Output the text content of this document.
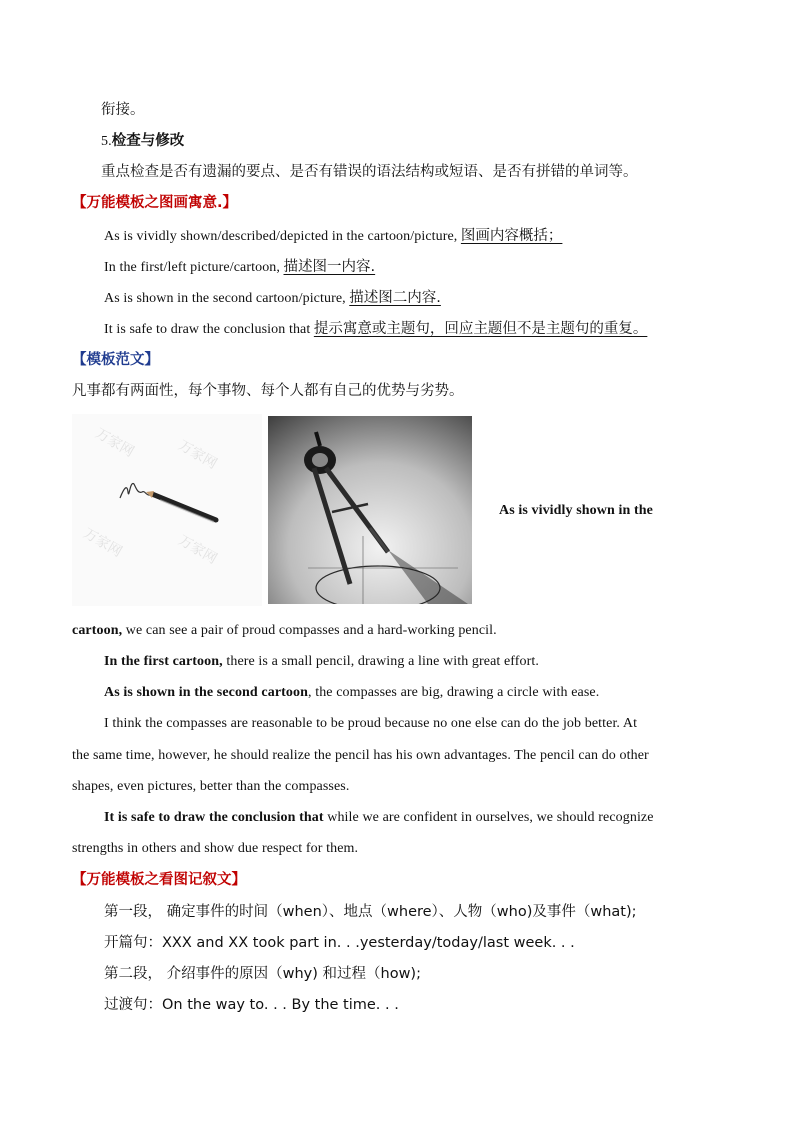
衔接。
5.检查与修改
重点检查是否有遗漏的要点、是否有错误的语法结构或短语、是否有拼错的单词等。
【万能模板之图画寓意.】
As is vividly shown/described/depicted in the cartoon/picture, 图画内容概括；
In the first/left picture/cartoon, 描述图一内容.
As is shown in the second cartoon/picture, 描述图二内容.
It is safe to draw the conclusion that 提示寓意或主题句，回应主题但不是主题句的重复。
【模板范文】
凡事都有两面性，每个事物、每个人都有自己的优势与劣势。
万家网	万家网
万家网	万家网
As is vividly shown in the
cartoon, we can see a pair of proud compasses and a hard-working pencil.
In the first cartoon, there is a small pencil, drawing a line with great effort.
As is shown in the second cartoon, the compasses are big, drawing a circle with ease.
I think the compasses are reasonable to be proud because no one else can do the job better. At
the same time, however, he should realize the pencil has his own advantages. The pencil can do other
shapes, even pictures, better than the compasses.
It is safe to draw the conclusion that while we are confident in ourselves, we should recognize
strengths in others and show due respect for them.
【万能模板之看图记叙文】
第一段， 确定事件的时间（when）、地点（where）、人物（who)及事件（what);
开篇句：XXX and XX took part in. . .yesterday/today/last week. . .
第二段， 介绍事件的原因（why) 和过程（how);
过渡句：On the way to. . . By the time. . .
